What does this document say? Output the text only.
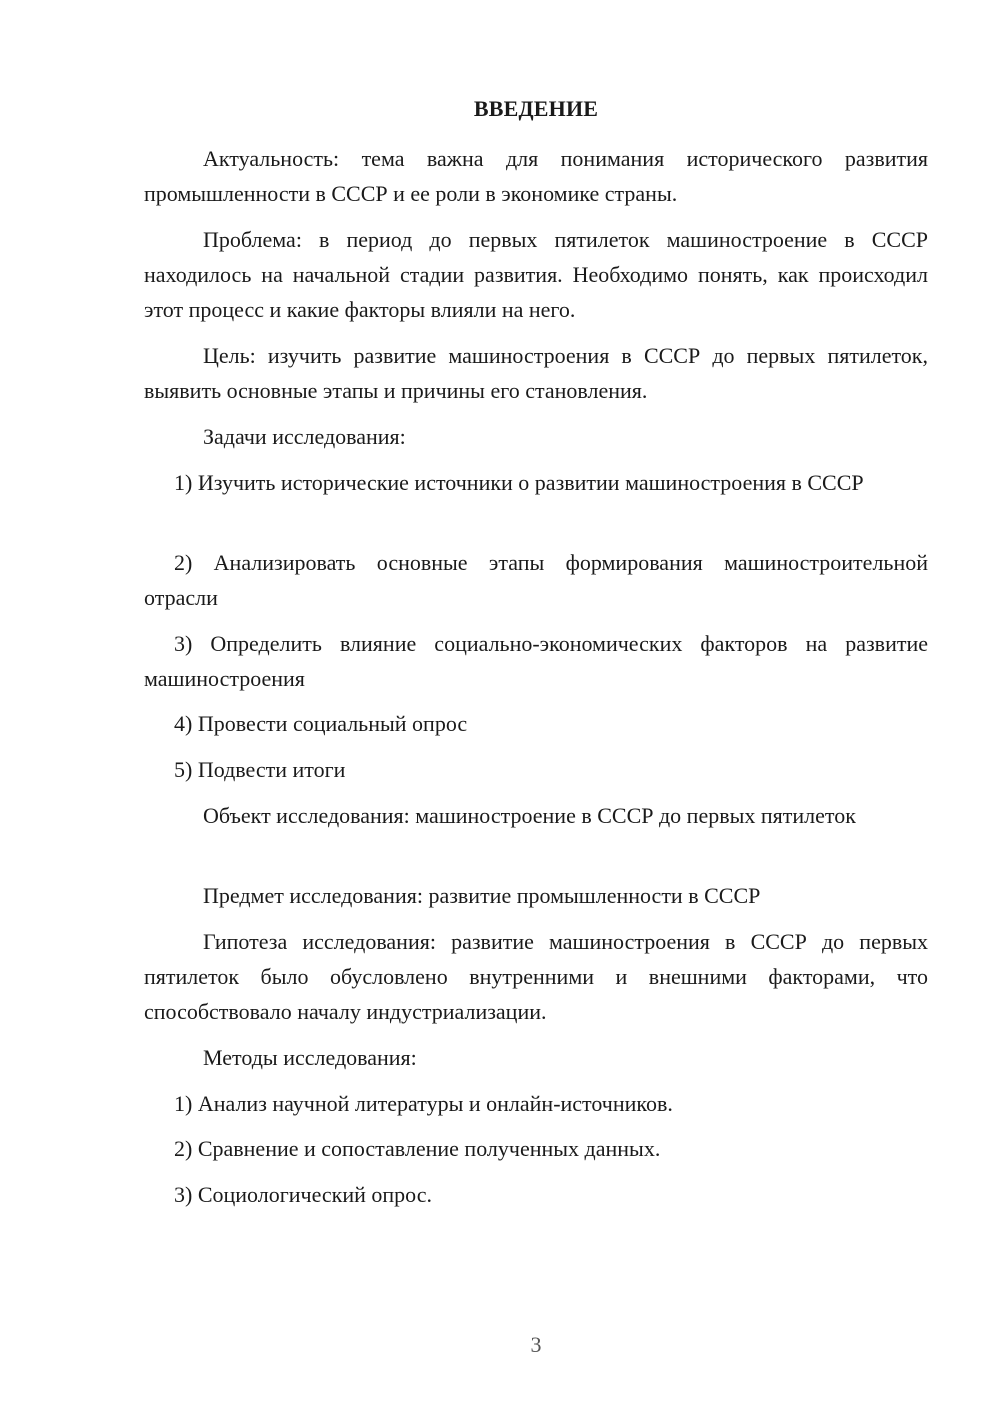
ВВЕДЕНИЕ

Актуальность: тема важна для понимания исторического развития промышленности в СССР и ее роли в экономике страны.

Проблема: в период до первых пятилеток машиностроение в СССР находилось на начальной стадии развития. Необходимо понять, как происходил этот процесс и какие факторы влияли на него.

Цель: изучить развитие машиностроения в СССР до первых пятилеток, выявить основные этапы и причины его становления.

Задачи исследования:

1) Изучить исторические источники о развитии машиностроения в СССР

2) Анализировать основные этапы формирования машиностроительной отрасли

3) Определить влияние социально-экономических факторов на развитие машиностроения

4) Провести социальный опрос

5) Подвести итоги

Объект исследования: машиностроение в СССР до первых пятилеток

Предмет исследования: развитие промышленности в СССР

Гипотеза исследования: развитие машиностроения в СССР до первых пятилеток было обусловлено внутренними и внешними факторами, что способствовало началу индустриализации.

Методы исследования:

1) Анализ научной литературы и онлайн-источников.

2) Сравнение и сопоставление полученных данных.

3) Социологический опрос.

3
